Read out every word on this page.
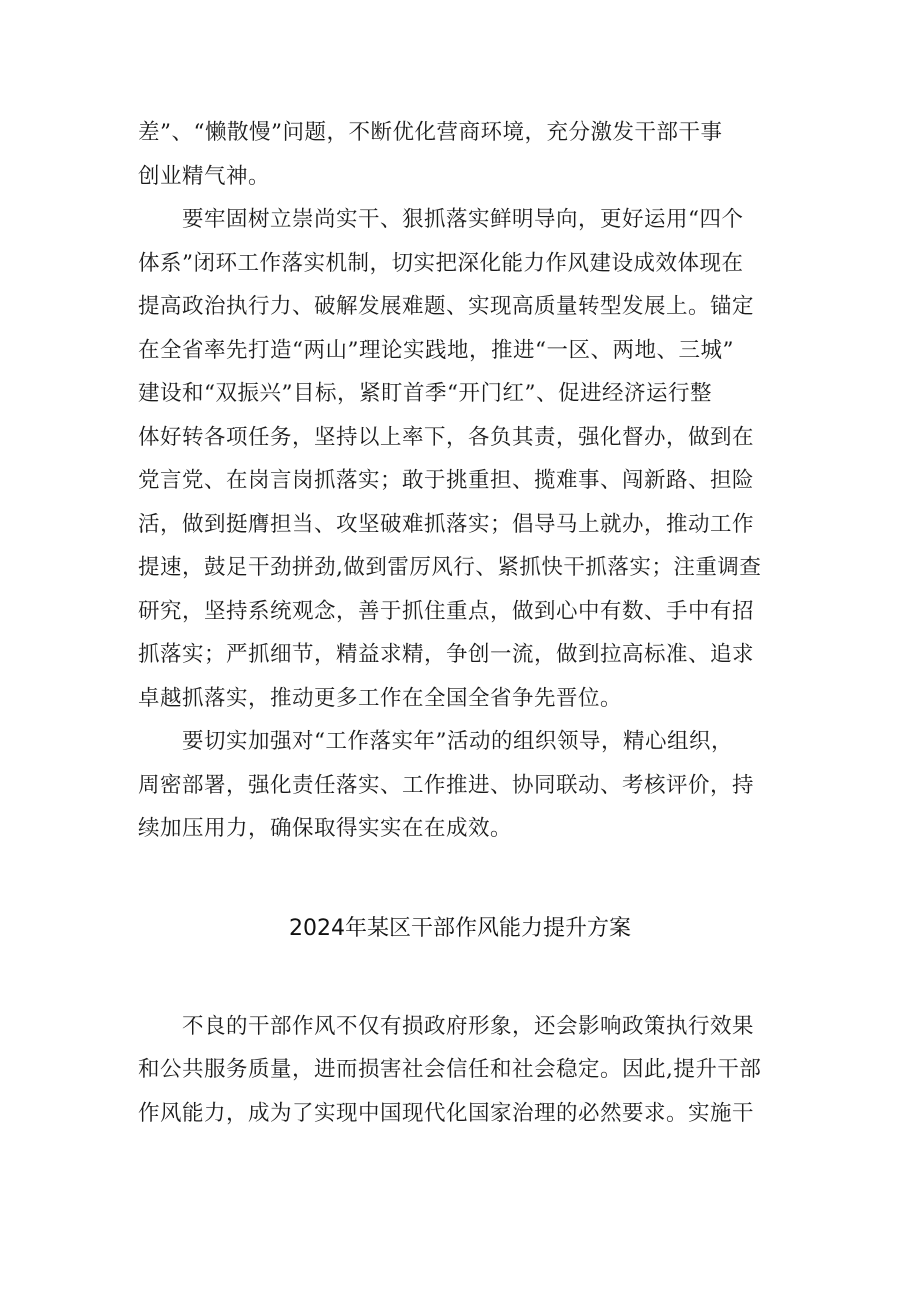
差”、“懒散慢”问题，不断优化营商环境，充分激发干部干事
创业精气神。
　　要牢固树立崇尚实干、狠抓落实鲜明导向，更好运用“四个
体系”闭环工作落实机制，切实把深化能力作风建设成效体现在
提高政治执行力、破解发展难题、实现高质量转型发展上。锚定
在全省率先打造“两山”理论实践地，推进“一区、两地、三城”
建设和“双振兴”目标，紧盯首季“开门红”、促进经济运行整
体好转各项任务，坚持以上率下，各负其责，强化督办，做到在
党言党、在岗言岗抓落实；敢于挑重担、揽难事、闯新路、担险
活，做到挺膺担当、攻坚破难抓落实；倡导马上就办，推动工作
提速，鼓足干劲拼劲,做到雷厉风行、紧抓快干抓落实；注重调查
研究，坚持系统观念，善于抓住重点，做到心中有数、手中有招
抓落实；严抓细节，精益求精，争创一流，做到拉高标准、追求
卓越抓落实，推动更多工作在全国全省争先晋位。
　　要切实加强对“工作落实年”活动的组织领导，精心组织，
周密部署，强化责任落实、工作推进、协同联动、考核评价，持
续加压用力，确保取得实实在在成效。
2024年某区干部作风能力提升方案
　　不良的干部作风不仅有损政府形象，还会影响政策执行效果
和公共服务质量，进而损害社会信任和社会稳定。因此,提升干部
作风能力，成为了实现中国现代化国家治理的必然要求。实施干
